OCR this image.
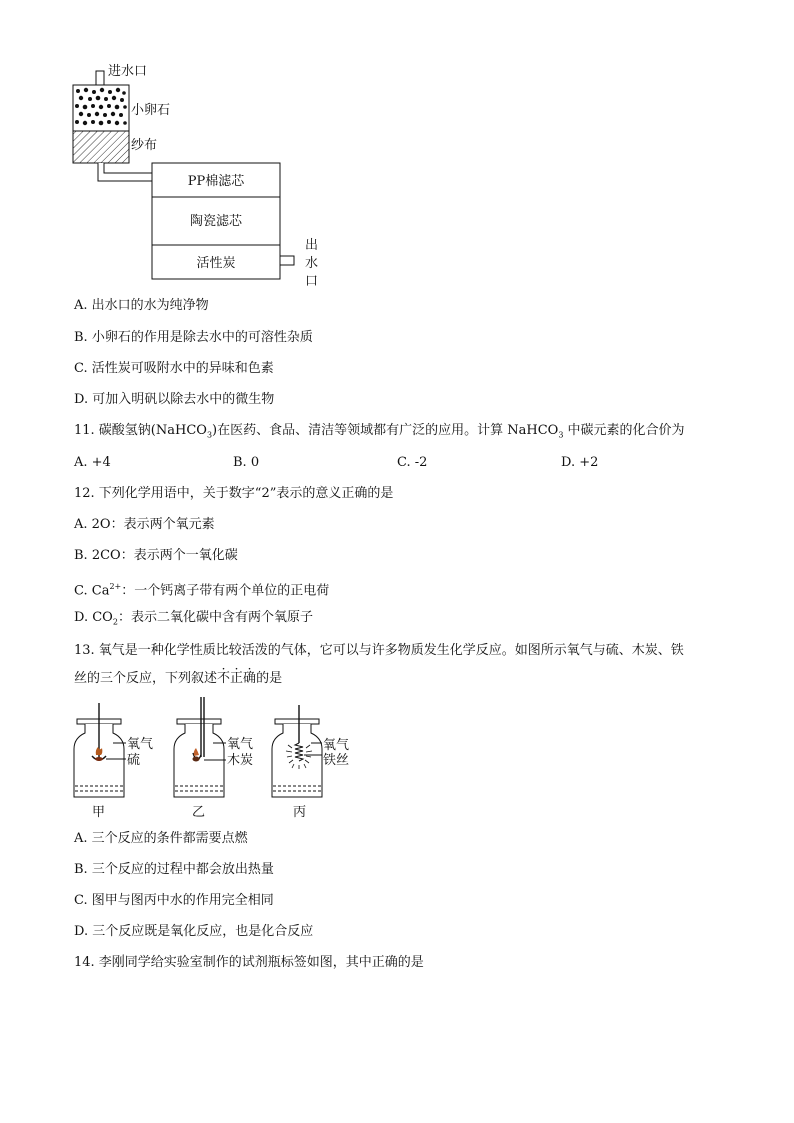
进水口
小卵石
纱布
PP棉滤芯
陶瓷滤芯
活性炭
出
水
口
A. 出水口的水为纯净物
B. 小卵石的作用是除去水中的可溶性杂质
C. 活性炭可吸附水中的异味和色素
D. 可加入明矾以除去水中的微生物
11. 碳酸氢钠(NaHCO$_3$)在医药、食品、清洁等领域都有广泛的应用。计算 NaHCO$_3$ 中碳元素的化合价为
A. +4	B. 0	C. -2	D. +2
12. 下列化学用语中，关于数字“2”表示的意义正确的是
A. 2O：表示两个氧元素
B. 2CO：表示两个一氧化碳
C. $Ca^{2+}$：一个钙离子带有两个单位的正电荷
D. $CO_2$：表示二氧化碳中含有两个氧原子
13. 氧气是一种化学性质比较活泼的气体，它可以与许多物质发生化学反应。如图所示氧气与硫、木炭、铁
丝的三个反应，下列叙述不正确的是
氧气
硫
甲
氧气
木炭
乙
氧气
铁丝
丙
A. 三个反应的条件都需要点燃
B. 三个反应的过程中都会放出热量
C. 图甲与图丙中水的作用完全相同
D. 三个反应既是氧化反应，也是化合反应
14. 李刚同学给实验室制作的试剂瓶标签如图，其中正确的是
